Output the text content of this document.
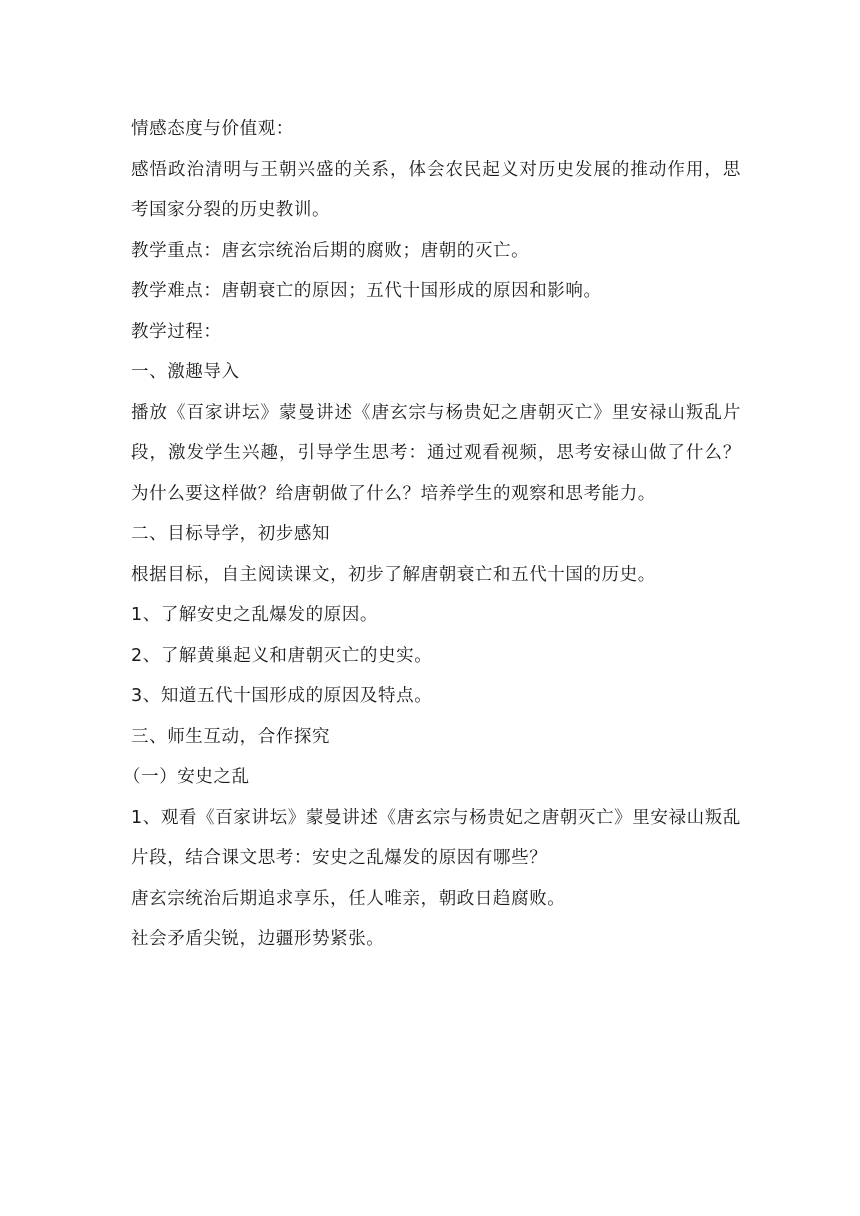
情感态度与价值观：

感悟政治清明与王朝兴盛的关系，体会农民起义对历史发展的推动作用，思考国家分裂的历史教训。

教学重点：唐玄宗统治后期的腐败；唐朝的灭亡。

教学难点：唐朝衰亡的原因；五代十国形成的原因和影响。

教学过程：

一、激趣导入

播放《百家讲坛》蒙曼讲述《唐玄宗与杨贵妃之唐朝灭亡》里安禄山叛乱片段，激发学生兴趣，引导学生思考：通过观看视频，思考安禄山做了什么？为什么要这样做？给唐朝做了什么？培养学生的观察和思考能力。

二、目标导学，初步感知

根据目标，自主阅读课文，初步了解唐朝衰亡和五代十国的历史。

1、了解安史之乱爆发的原因。

2、了解黄巢起义和唐朝灭亡的史实。

3、知道五代十国形成的原因及特点。

三、师生互动，合作探究

（一）安史之乱

1、观看《百家讲坛》蒙曼讲述《唐玄宗与杨贵妃之唐朝灭亡》里安禄山叛乱片段，结合课文思考：安史之乱爆发的原因有哪些？

唐玄宗统治后期追求享乐，任人唯亲，朝政日趋腐败。

社会矛盾尖锐，边疆形势紧张。
